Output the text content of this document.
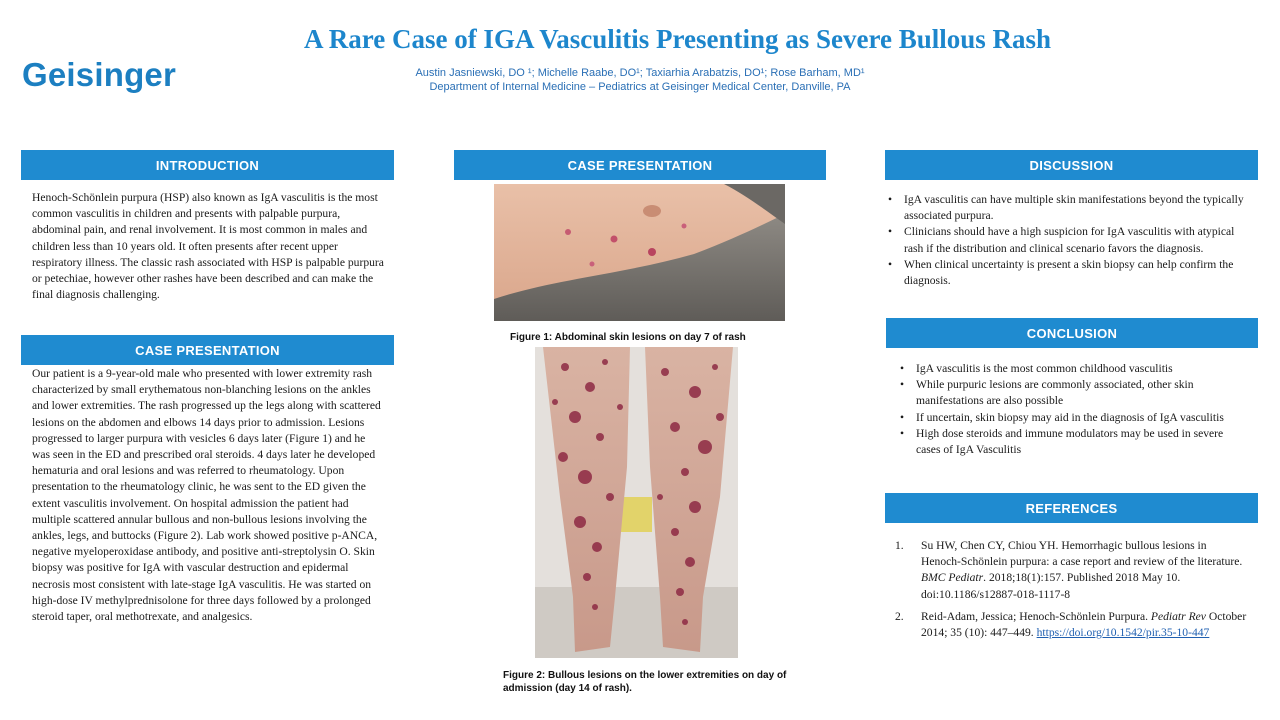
Geisinger
A Rare Case of IGA Vasculitis Presenting as Severe Bullous Rash
Austin Jasniewski, DO ¹; Michelle Raabe, DO¹; Taxiarhia Arabatzis, DO¹; Rose Barham, MD¹
Department of Internal Medicine – Pediatrics at Geisinger Medical Center, Danville, PA
INTRODUCTION
Henoch-Schönlein purpura (HSP) also known as IgA vasculitis is the most common vasculitis in children and presents with palpable purpura, abdominal pain, and renal involvement. It is most common in males and children less than 10 years old. It often presents after recent upper respiratory illness. The classic rash associated with HSP is palpable purpura or petechiae, however other rashes have been described and can make the final diagnosis challenging.
CASE PRESENTATION
Our patient is a 9-year-old male who presented with lower extremity rash characterized by small erythematous non-blanching lesions on the ankles and lower extremities. The rash progressed up the legs along with scattered lesions on the abdomen and elbows 14 days prior to admission. Lesions progressed to larger purpura with vesicles 6 days later (Figure 1) and he was seen in the ED and prescribed oral steroids. 4 days later he developed hematuria and oral lesions and was referred to rheumatology. Upon presentation to the rheumatology clinic, he was sent to the ED given the extent vasculitis involvement. On hospital admission the patient had multiple scattered annular bullous and non-bullous lesions involving the ankles, legs, and buttocks (Figure 2). Lab work showed positive p-ANCA, negative myeloperoxidase antibody, and positive anti-streptolysin O. Skin biopsy was positive for IgA with vascular destruction and epidermal necrosis most consistent with late-stage IgA vasculitis. He was started on high-dose IV methylprednisolone for three days followed by a prolonged steroid taper, oral methotrexate, and analgesics.
CASE PRESENTATION
Figure 1: Abdominal skin lesions on day 7 of rash
Figure 2: Bullous lesions on the lower extremities on day of admission (day 14 of rash).
DISCUSSION
• IgA vasculitis can have multiple skin manifestations beyond the typically associated purpura.
• Clinicians should have a high suspicion for IgA vasculitis with atypical rash if the distribution and clinical scenario favors the diagnosis.
• When clinical uncertainty is present a skin biopsy can help confirm the diagnosis.
CONCLUSION
• IgA vasculitis is the most common childhood vasculitis
• While purpuric lesions are commonly associated, other skin manifestations are also possible
• If uncertain, skin biopsy may aid in the diagnosis of IgA vasculitis
• High dose steroids and immune modulators may be used in severe cases of IgA Vasculitis
REFERENCES
1. Su HW, Chen CY, Chiou YH. Hemorrhagic bullous lesions in Henoch-Schönlein purpura: a case report and review of the literature. BMC Pediatr. 2018;18(1):157. Published 2018 May 10. doi:10.1186/s12887-018-1117-8
2. Reid-Adam, Jessica; Henoch-Schönlein Purpura. Pediatr Rev October 2014; 35 (10): 447–449. https://doi.org/10.1542/pir.35-10-447
